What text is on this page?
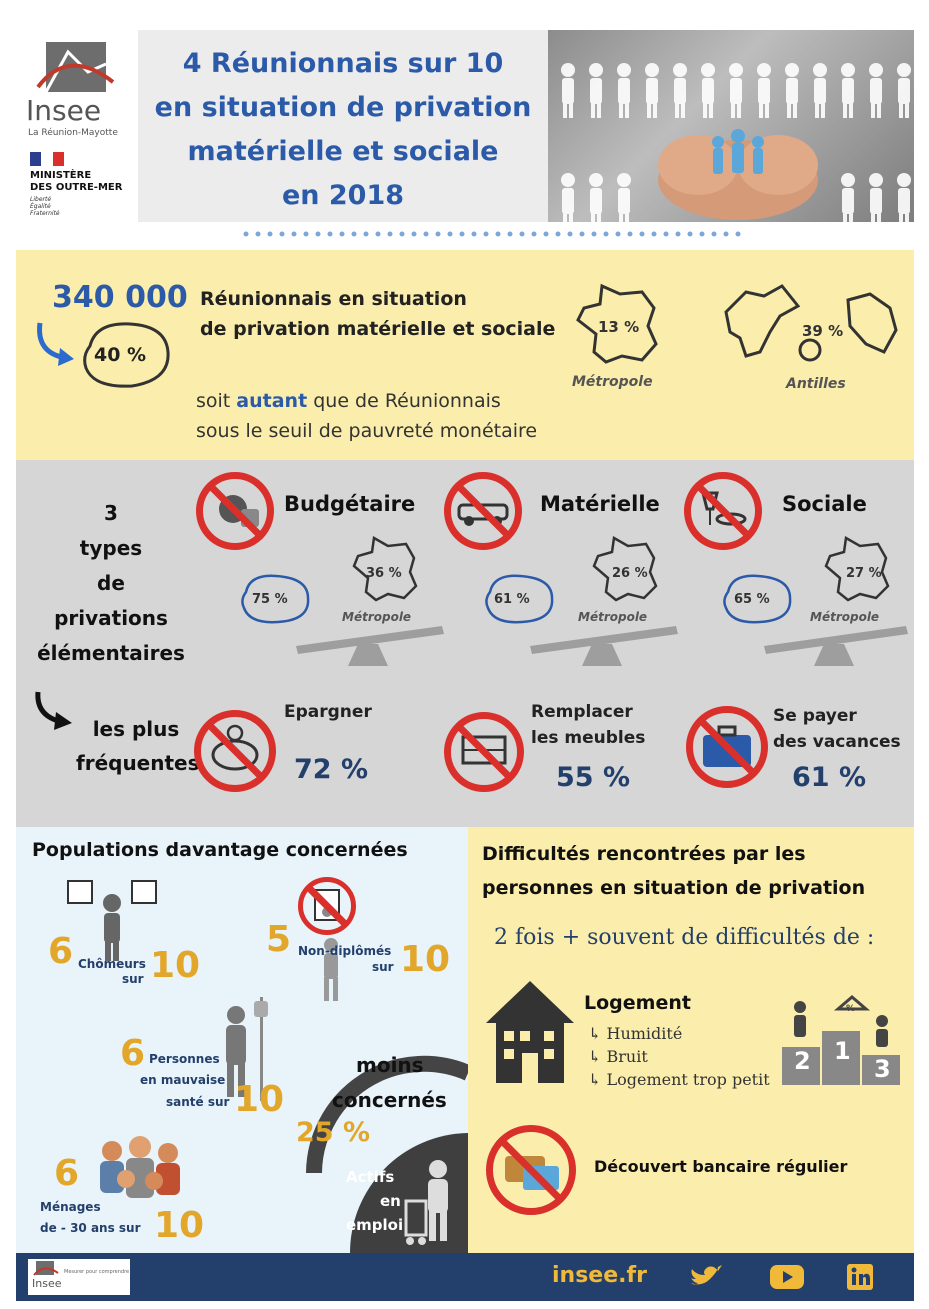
Insee
La Réunion-Mayotte
MINISTÈRE
DES OUTRE-MER
Liberté
Égalité
Fraternité
4 Réunionnais sur 10
en situation de privation
matérielle et sociale
en 2018
340 000 Réunionnais en situation
de privation matérielle et sociale
40 %
13 %
Métropole
39 %
Antilles
soit autant que de Réunionnais
sous le seuil de pauvreté monétaire
3
types
de
privations
élémentaires
Budgétaire
36 %
Métropole
75 %
Matérielle
26 %
Métropole
61 %
Sociale
27 %
Métropole
65 %
les plus
fréquentes
Epargner
72 %
Remplacer
les meubles
55 %
Se payer
des vacances
61 %
Populations davantage concernées
6 Chômeurs
sur 10
5 Non-diplômés
sur 10
6 Personnes
en mauvaise
santé sur 10
6
Ménages
de - 30 ans sur 10
moins
concernés
25 %
Actifs
en
emploi
Difficultés rencontrées par les
personnes en situation de privation
2 fois + souvent de difficultés de :
Logement
↳ Humidité
↳ Bruit
↳ Logement trop petit
2 1
3
%
Découvert bancaire régulier
Insee
Mesurer pour comprendre	insee.fr
